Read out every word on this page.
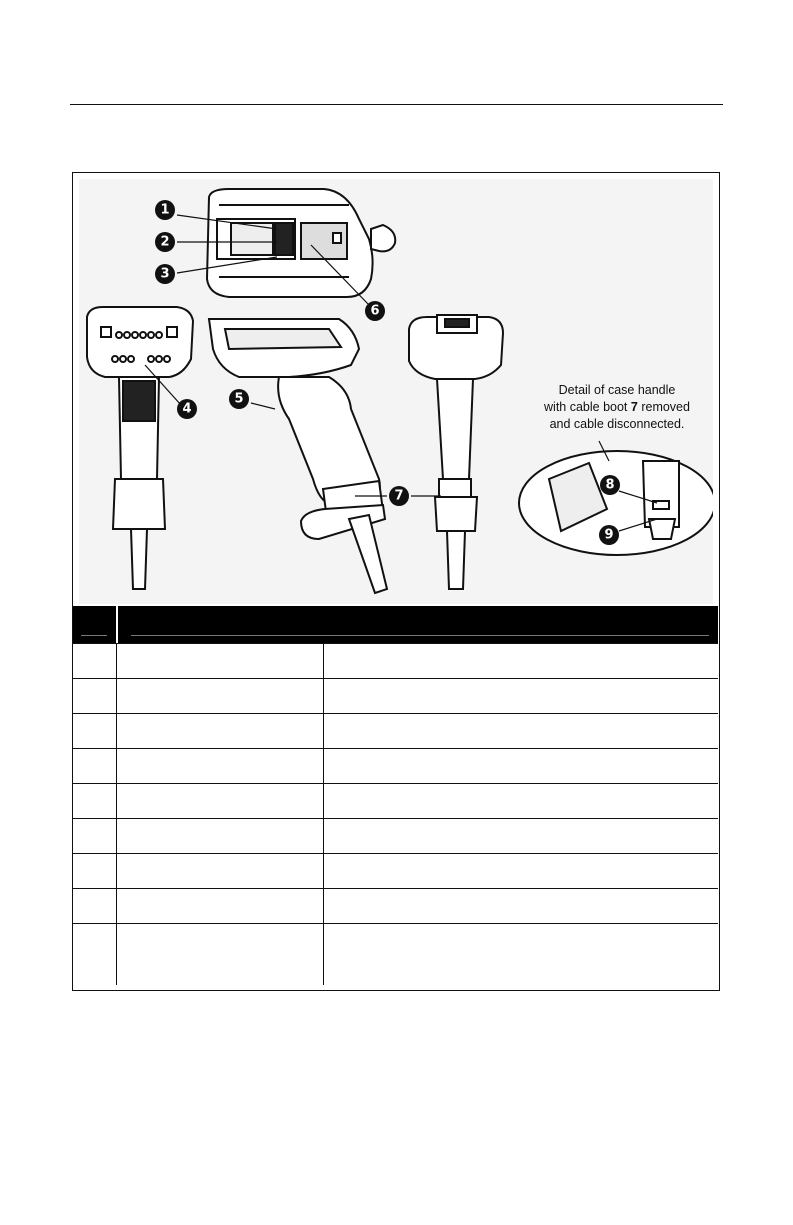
1
2
3
4
5
6
7
8
9
Detail of case handle
with cable boot 7 removed
and cable disconnected.
